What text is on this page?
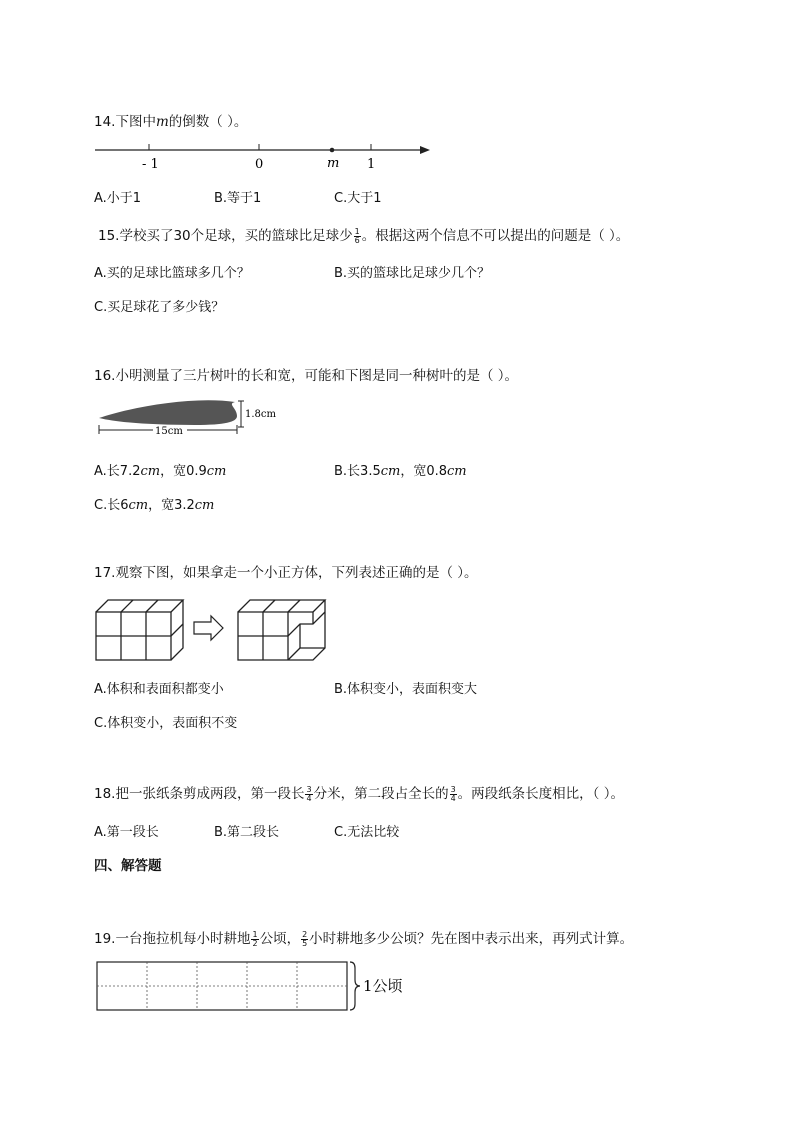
14.下图中m的倒数（ ）。
- 1	0	m 1
A.小于1	B.等于1	C.大于1
15.学校买了30个足球，买的篮球比足球少 $\frac{1}{6}$ 。根据这两个信息不可以提出的问题是（ ）。
A.买的足球比篮球多几个？	B.买的篮球比足球少几个？
C.买足球花了多少钱？
16.小明测量了三片树叶的长和宽，可能和下图是同一种树叶的是（ ）。
15cm
1.8cm
A.长7.2cm，宽0.9cm	B.长3.5cm，宽0.8cm
C.长6cm，宽3.2cm
17.观察下图，如果拿走一个小正方体，下列表述正确的是（ ）。
A.体积和表面积都变小	B.体积变小，表面积变大
C.体积变小，表面积不变
18.把一张纸条剪成两段，第一段长 $\frac{3}{4}$ 分米，第二段占全长的 $\frac{3}{4}$ 。两段纸条长度相比，（ ）。
A.第一段长	B.第二段长	C.无法比较
四、解答题
19.一台拖拉机每小时耕地 $\frac{1}{2}$ 公顷， $\frac{2}{5}$ 小时耕地多少公顷？先在图中表示出来，再列式计算。
1公顷
